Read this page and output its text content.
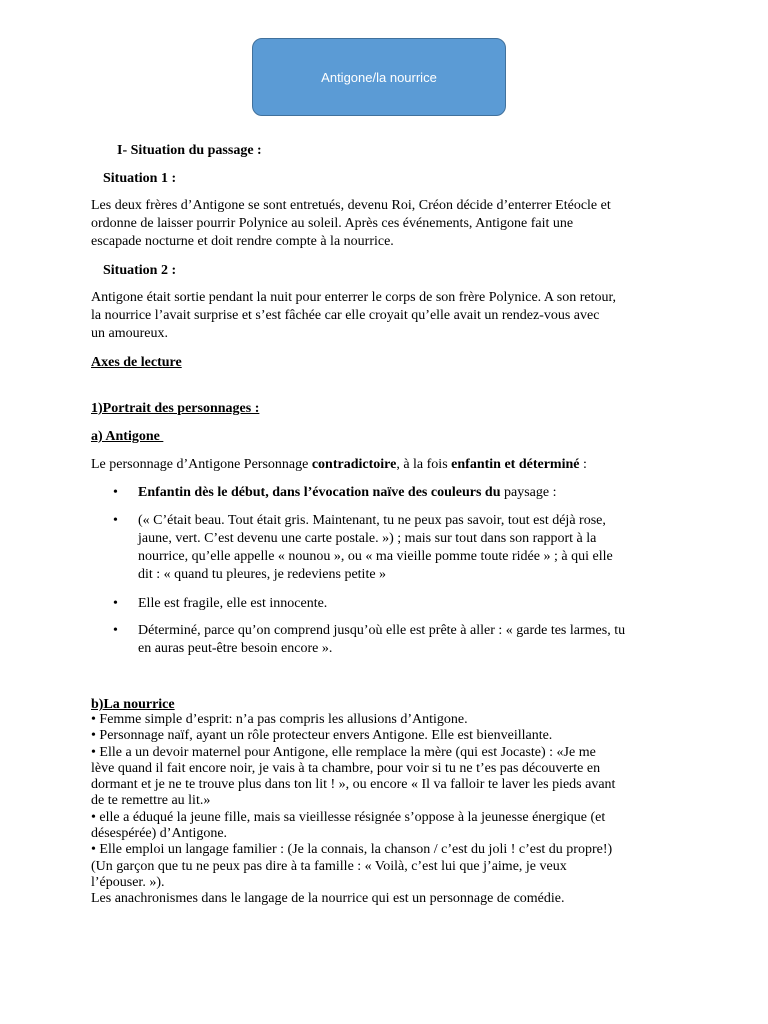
Antigone/la nourrice
I- Situation du passage :
Situation 1 :
Les deux frères d’Antigone se sont entretués, devenu Roi, Créon décide d’enterrer Etéocle et
ordonne de laisser pourrir Polynice au soleil. Après ces événements, Antigone fait une
escapade nocturne et doit rendre compte à la nourrice.
Situation 2 :
Antigone était sortie pendant la nuit pour enterrer le corps de son frère Polynice. A son retour,
la nourrice l’avait surprise et s’est fâchée car elle croyait qu’elle avait un rendez-vous avec
un amoureux.
Axes de lecture
1)Portrait des personnages :
a) Antigone
Le personnage d’Antigone Personnage contradictoire, à la fois enfantin et déterminé :
• Enfantin dès le début, dans l’évocation naïve des couleurs du paysage :
• (« C’était beau. Tout était gris. Maintenant, tu ne peux pas savoir, tout est déjà rose,
jaune, vert. C’est devenu une carte postale. ») ; mais sur tout dans son rapport à la
nourrice, qu’elle appelle « nounou », ou « ma vieille pomme toute ridée » ; à qui elle
dit : « quand tu pleures, je redeviens petite »
• Elle est fragile, elle est innocente.
• Déterminé, parce qu’on comprend jusqu’où elle est prête à aller : « garde tes larmes, tu
en auras peut-être besoin encore ».
b)La nourrice
• Femme simple d’esprit: n’a pas compris les allusions d’Antigone.
• Personnage naïf, ayant un rôle protecteur envers Antigone. Elle est bienveillante.
• Elle a un devoir maternel pour Antigone, elle remplace la mère (qui est Jocaste) : «Je me
lève quand il fait encore noir, je vais à ta chambre, pour voir si tu ne t’es pas découverte en
dormant et je ne te trouve plus dans ton lit ! », ou encore « Il va falloir te laver les pieds avant
de te remettre au lit.»
• elle a éduqué la jeune fille, mais sa vieillesse résignée s’oppose à la jeunesse énergique (et
désespérée) d’Antigone.
• Elle emploi un langage familier : (Je la connais, la chanson / c’est du joli ! c’est du propre!)
(Un garçon que tu ne peux pas dire à ta famille : « Voilà, c’est lui que j’aime, je veux
l’épouser. »).
Les anachronismes dans le langage de la nourrice qui est un personnage de comédie.
